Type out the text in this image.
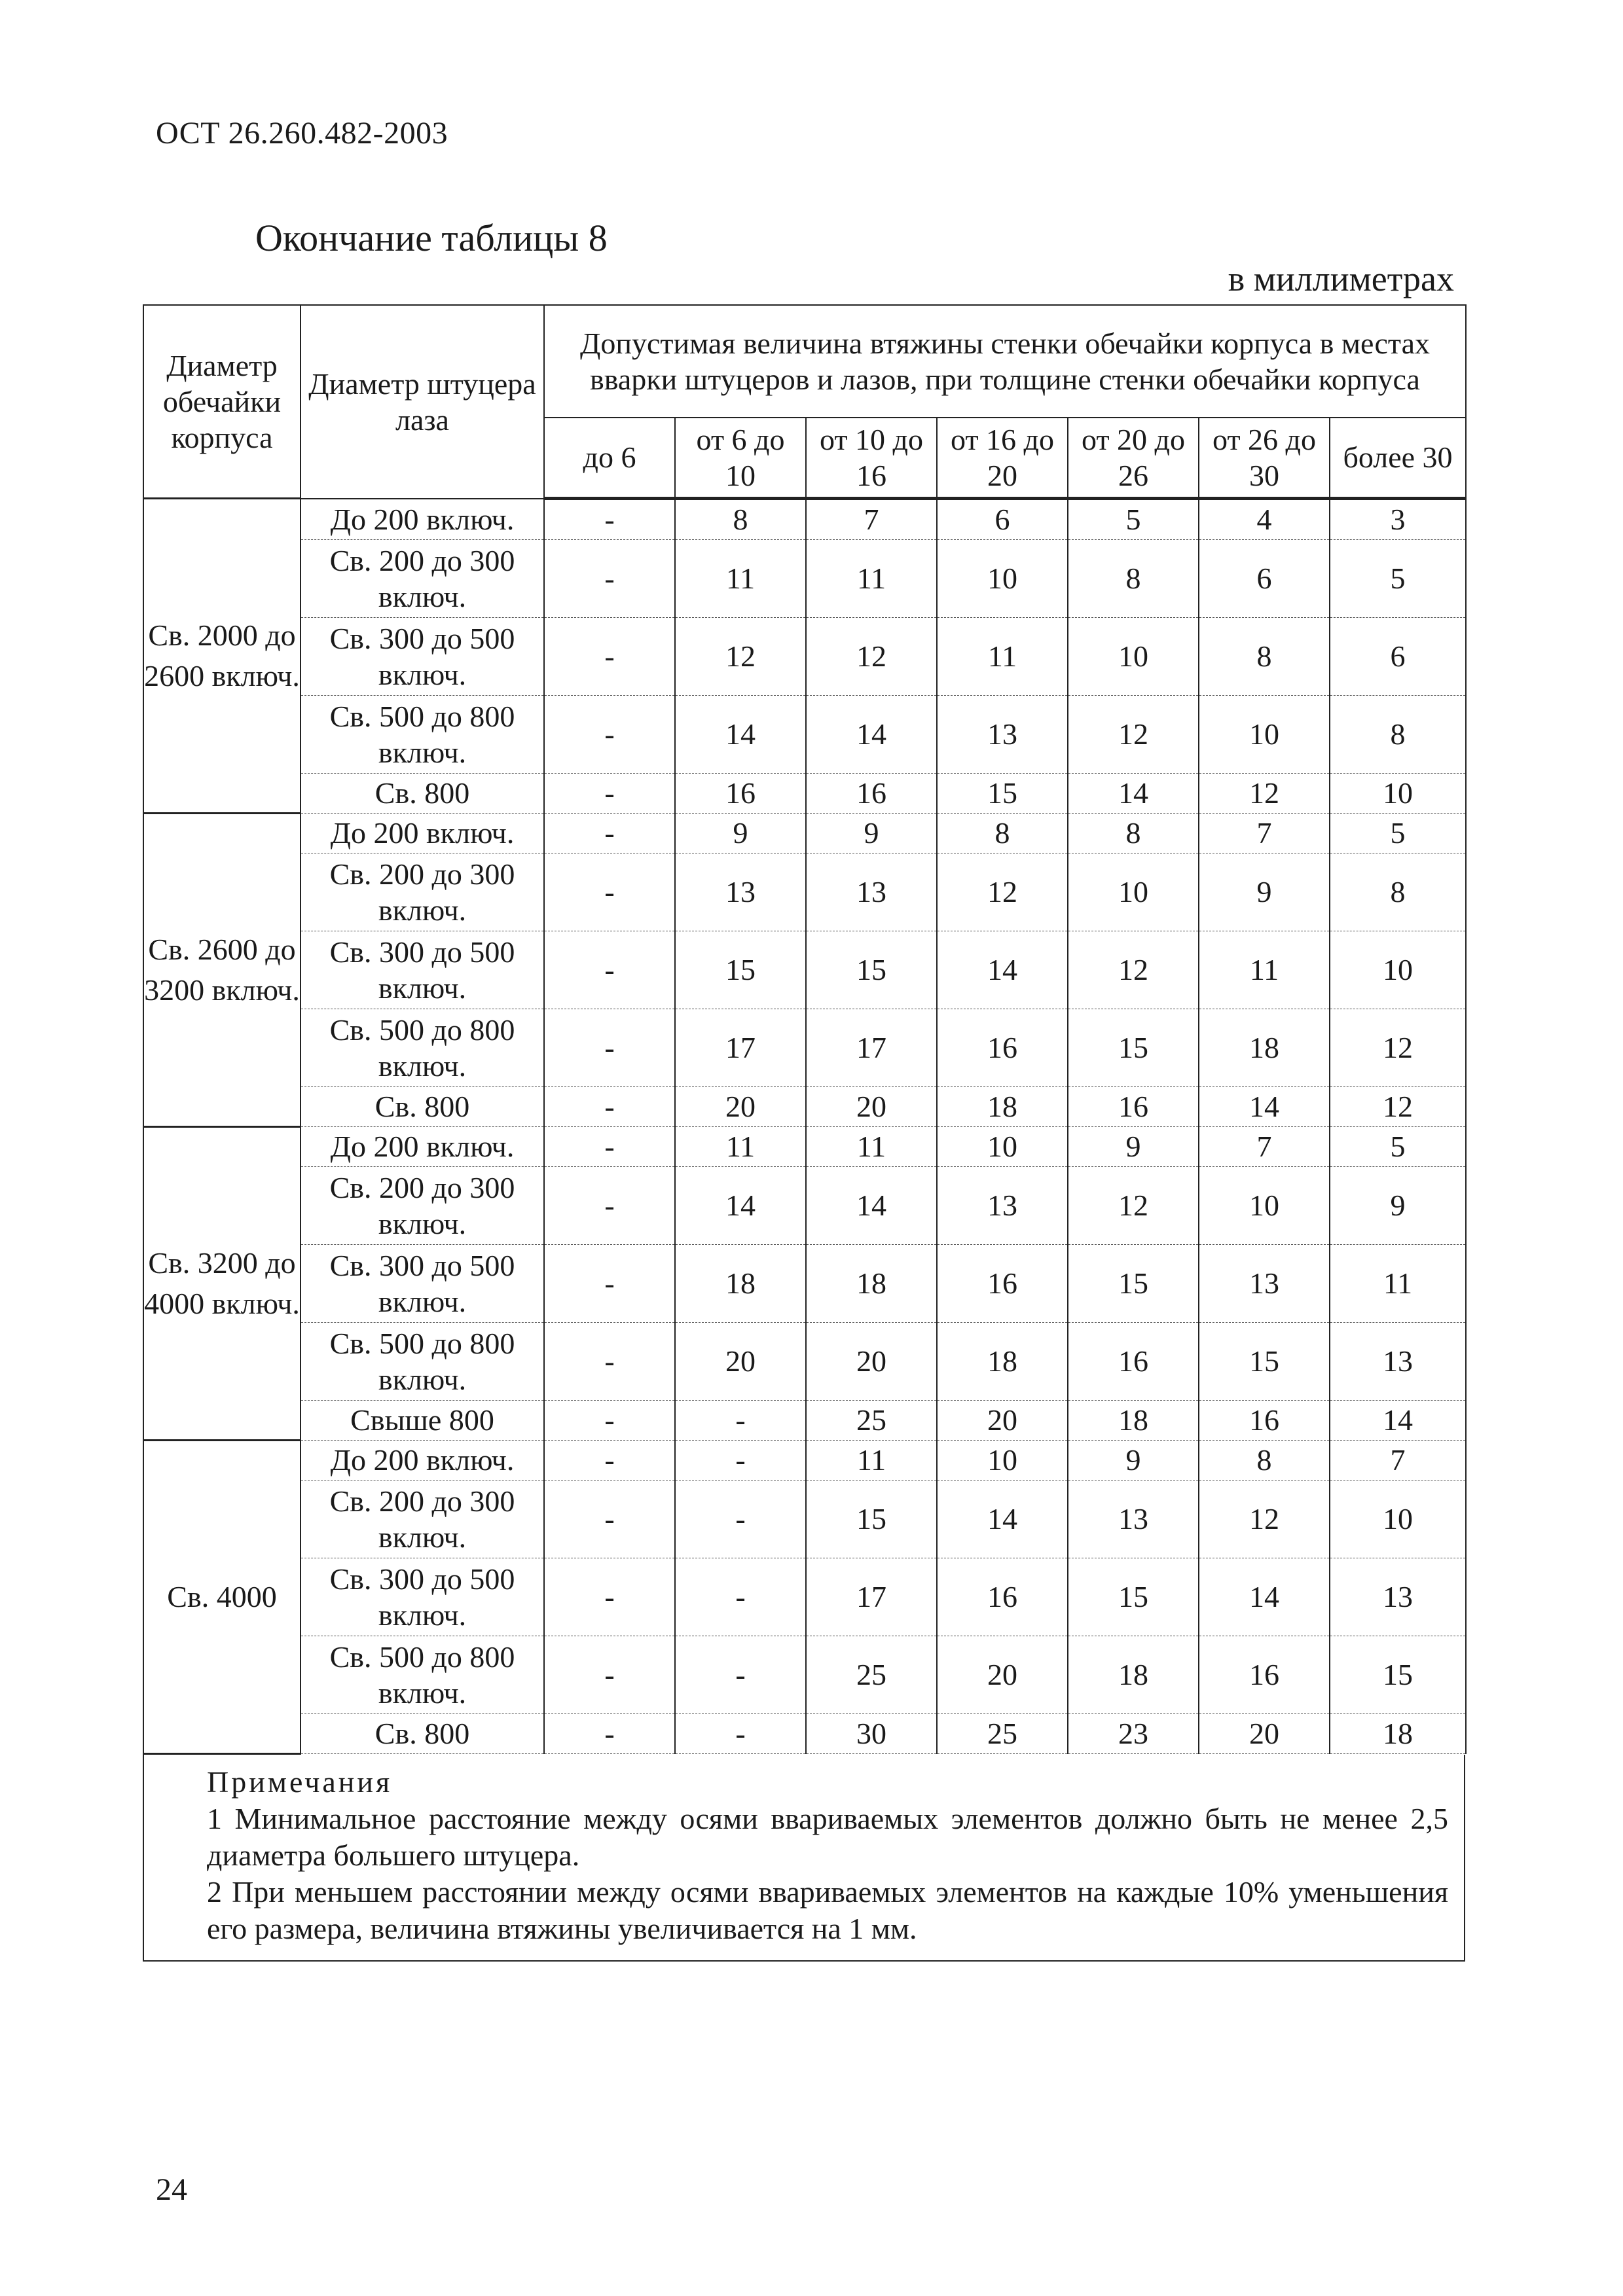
ОСТ 26.260.482-2003
Окончание таблицы 8
в миллиметрах
Диаметр обечайки корпуса	Диаметр штуцера лаза	Допустимая величина втяжины стенки обечайки корпуса в местах вварки штуцеров и лазов, при толщине стенки обечайки корпуса						
		до 6	от 6 до 10	от 10 до 16	от 16 до 20	от 20 до 26	от 26 до 30	более 30
Св. 2000 до 2600 включ.	До 200 включ.	-	8	7	6	5	4	3
	Св. 200 до 300 включ.	-	11	11	10	8	6	5
	Св. 300 до 500 включ.	-	12	12	11	10	8	6
	Св. 500 до 800 включ.	-	14	14	13	12	10	8
	Св. 800	-	16	16	15	14	12	10
Св. 2600 до 3200 включ.	До 200 включ.	-	9	9	8	8	7	5
	Св. 200 до 300 включ.	-	13	13	12	10	9	8
	Св. 300 до 500 включ.	-	15	15	14	12	11	10
	Св. 500 до 800 включ.	-	17	17	16	15	18	12
	Св. 800	-	20	20	18	16	14	12
Св. 3200 до 4000 включ.	До 200 включ.	-	11	11	10	9	7	5
	Св. 200 до 300 включ.	-	14	14	13	12	10	9
	Св. 300 до 500 включ.	-	18	18	16	15	13	11
	Св. 500 до 800 включ.	-	20	20	18	16	15	13
	Свыше 800	-	-	25	20	18	16	14
Св. 4000	До 200 включ.	-	-	11	10	9	8	7
	Св. 200 до 300 включ.	-	-	15	14	13	12	10
	Св. 300 до 500 включ.	-	-	17	16	15	14	13
	Св. 500 до 800 включ.	-	-	25	20	18	16	15
	Св. 800	-	-	30	25	23	20	18
Примечания

1 Минимальное расстояние между осями ввариваемых элементов должно быть не менее 2,5 диаметра большего штуцера.

2 При меньшем расстоянии между осями ввариваемых элементов на каждые 10% уменьшения его размера, величина втяжины увеличивается на 1 мм.

24
